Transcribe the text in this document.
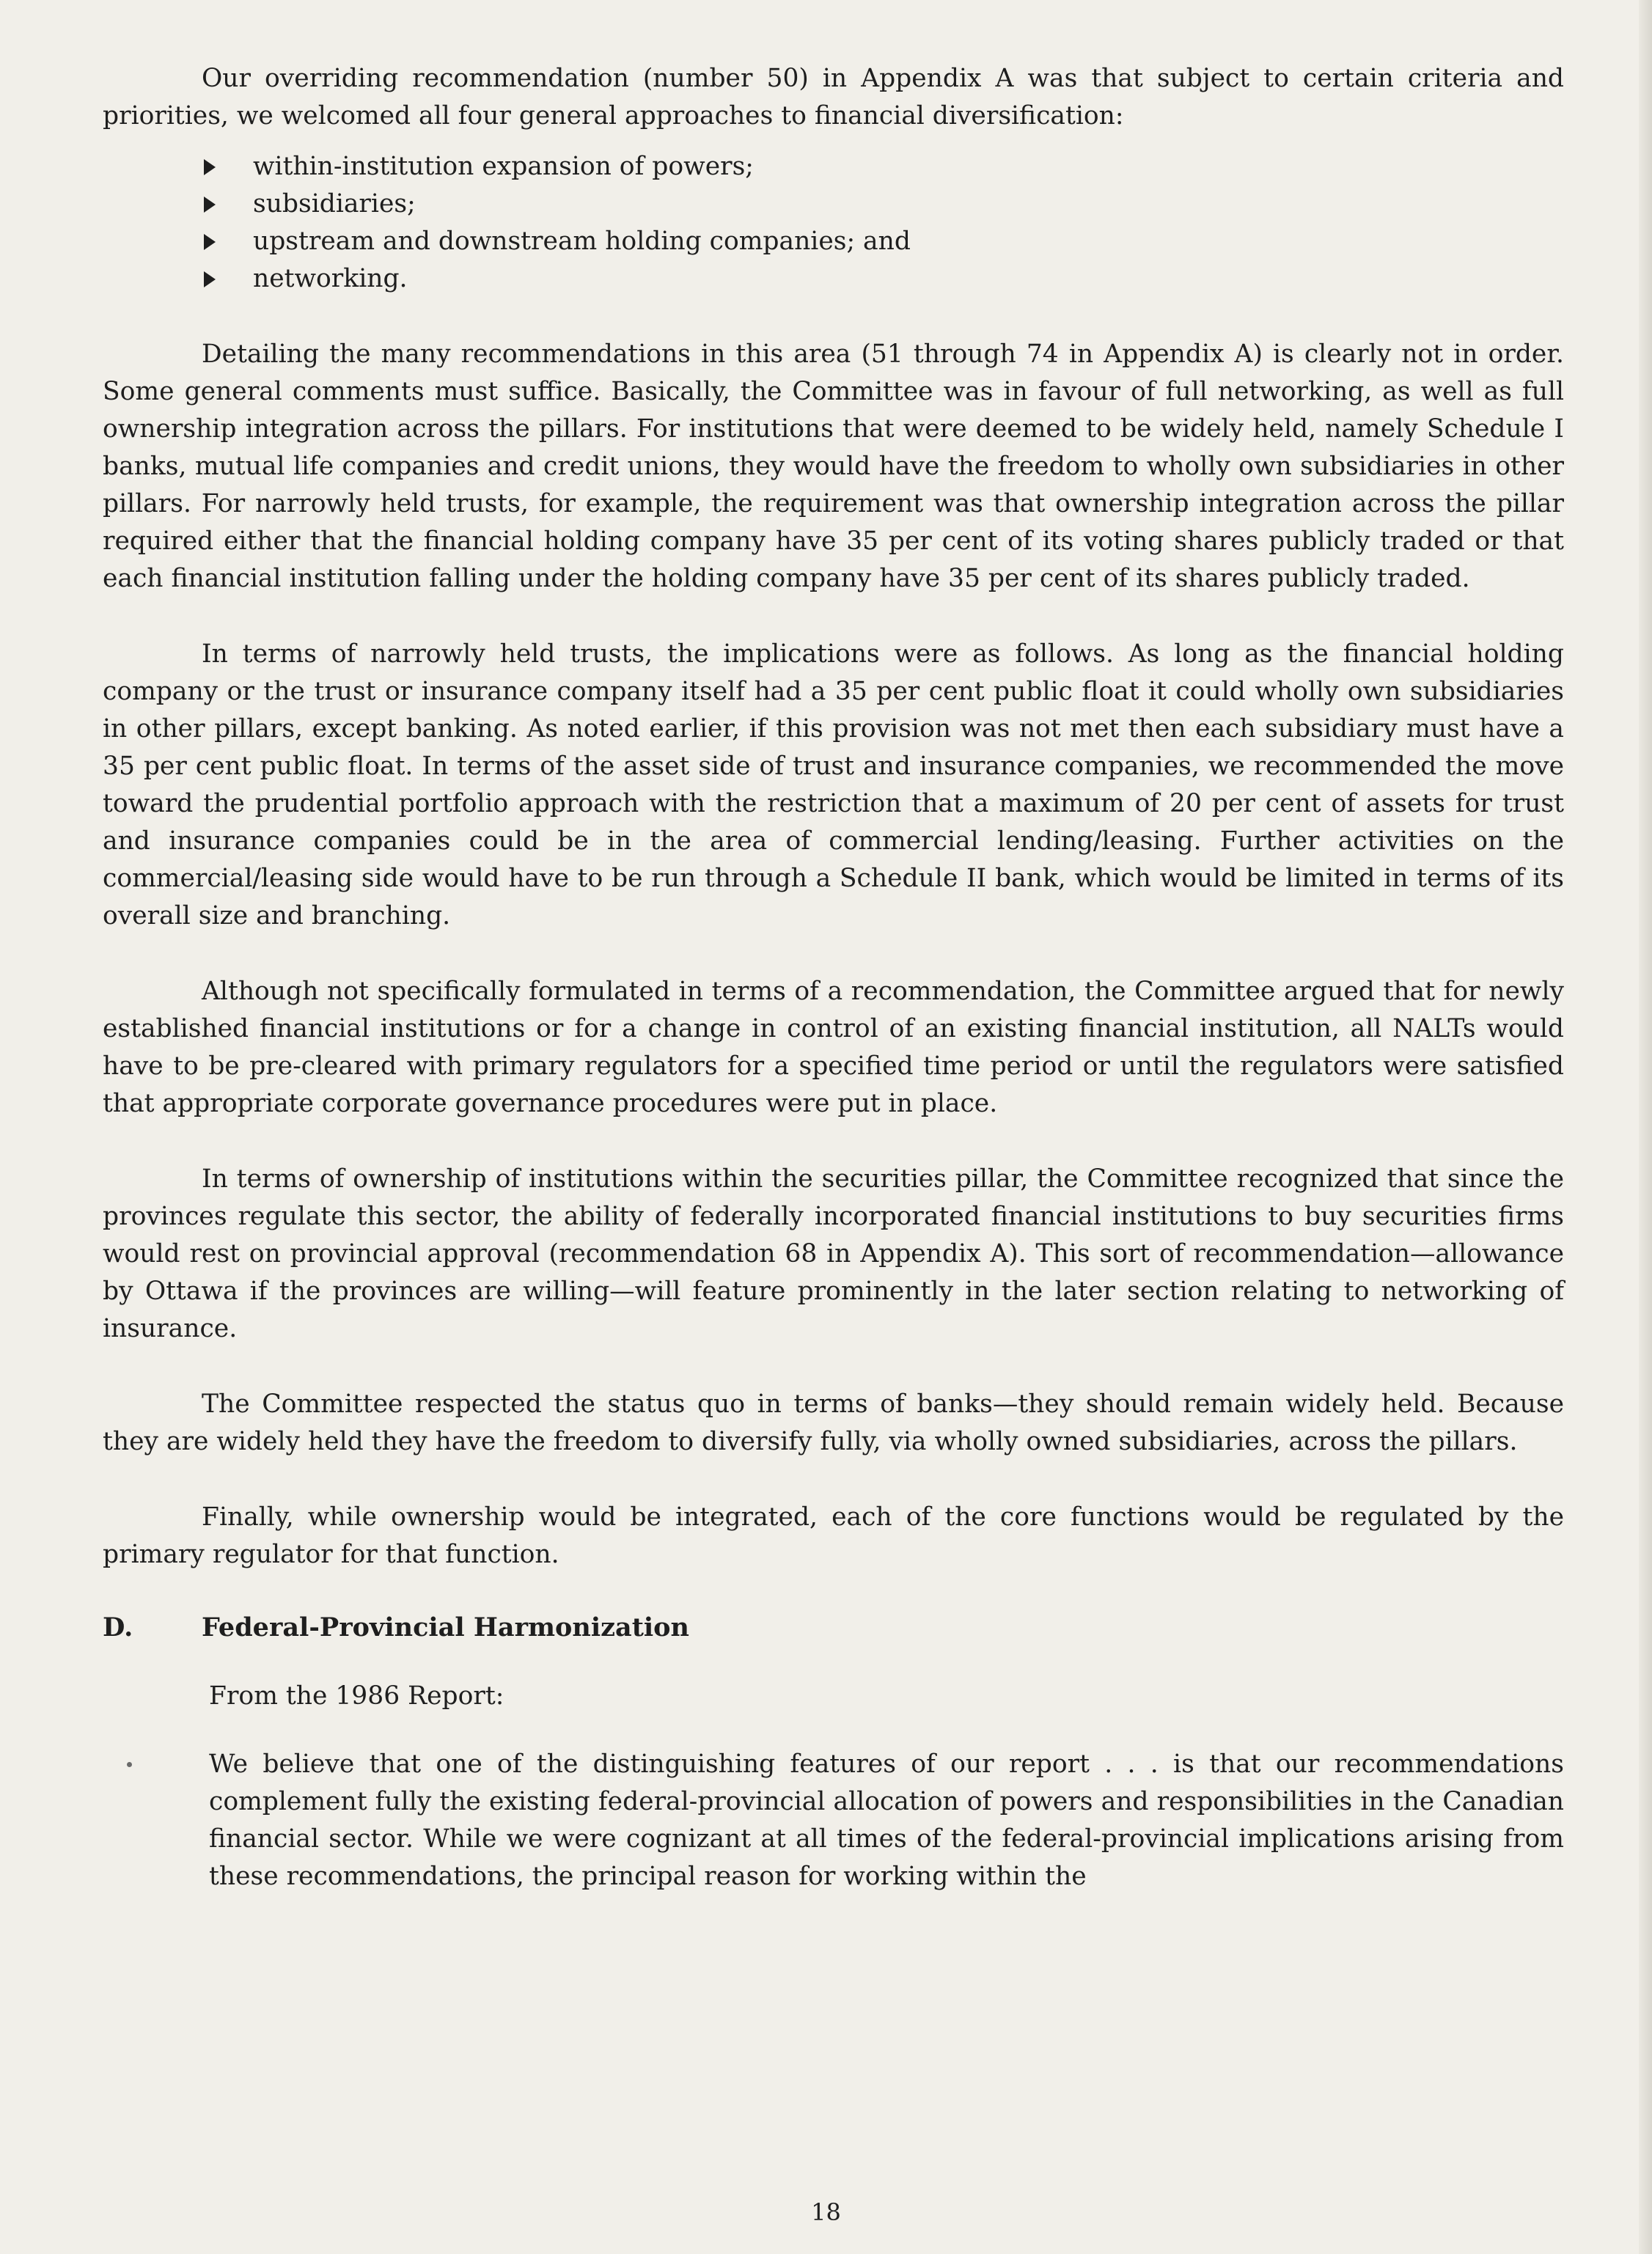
Our overriding recommendation (number 50) in Appendix A was that subject to certain criteria and priorities, we welcomed all four general approaches to financial diversification:

within-institution expansion of powers;
subsidiaries;
upstream and downstream holding companies; and
networking.

Detailing the many recommendations in this area (51 through 74 in Appendix A) is clearly not in order. Some general comments must suffice. Basically, the Committee was in favour of full networking, as well as full ownership integration across the pillars. For institutions that were deemed to be widely held, namely Schedule I banks, mutual life companies and credit unions, they would have the freedom to wholly own subsidiaries in other pillars. For narrowly held trusts, for example, the requirement was that ownership integration across the pillar required either that the financial holding company have 35 per cent of its voting shares publicly traded or that each financial institution falling under the holding company have 35 per cent of its shares publicly traded.

In terms of narrowly held trusts, the implications were as follows. As long as the financial holding company or the trust or insurance company itself had a 35 per cent public float it could wholly own subsidiaries in other pillars, except banking. As noted earlier, if this provision was not met then each subsidiary must have a 35 per cent public float. In terms of the asset side of trust and insurance companies, we recommended the move toward the prudential portfolio approach with the restriction that a maximum of 20 per cent of assets for trust and insurance companies could be in the area of commercial lending/leasing. Further activities on the commercial/leasing side would have to be run through a Schedule II bank, which would be limited in terms of its overall size and branching.

Although not specifically formulated in terms of a recommendation, the Committee argued that for newly established financial institutions or for a change in control of an existing financial institution, all NALTs would have to be pre-cleared with primary regulators for a specified time period or until the regulators were satisfied that appropriate corporate governance procedures were put in place.

In terms of ownership of institutions within the securities pillar, the Committee recognized that since the provinces regulate this sector, the ability of federally incorporated financial institutions to buy securities firms would rest on provincial approval (recommendation 68 in Appendix A). This sort of recommendation—allowance by Ottawa if the provinces are willing—will feature prominently in the later section relating to networking of insurance.

The Committee respected the status quo in terms of banks—they should remain widely held. Because they are widely held they have the freedom to diversify fully, via wholly owned subsidiaries, across the pillars.

Finally, while ownership would be integrated, each of the core functions would be regulated by the primary regulator for that function.

D.	Federal-Provincial Harmonization
From the 1986 Report:
We believe that one of the distinguishing features of our report . . . is that our recommendations complement fully the existing federal-provincial allocation of powers and responsibilities in the Canadian financial sector. While we were cognizant at all times of the federal-provincial implications arising from these recommendations, the principal reason for working within the
18
